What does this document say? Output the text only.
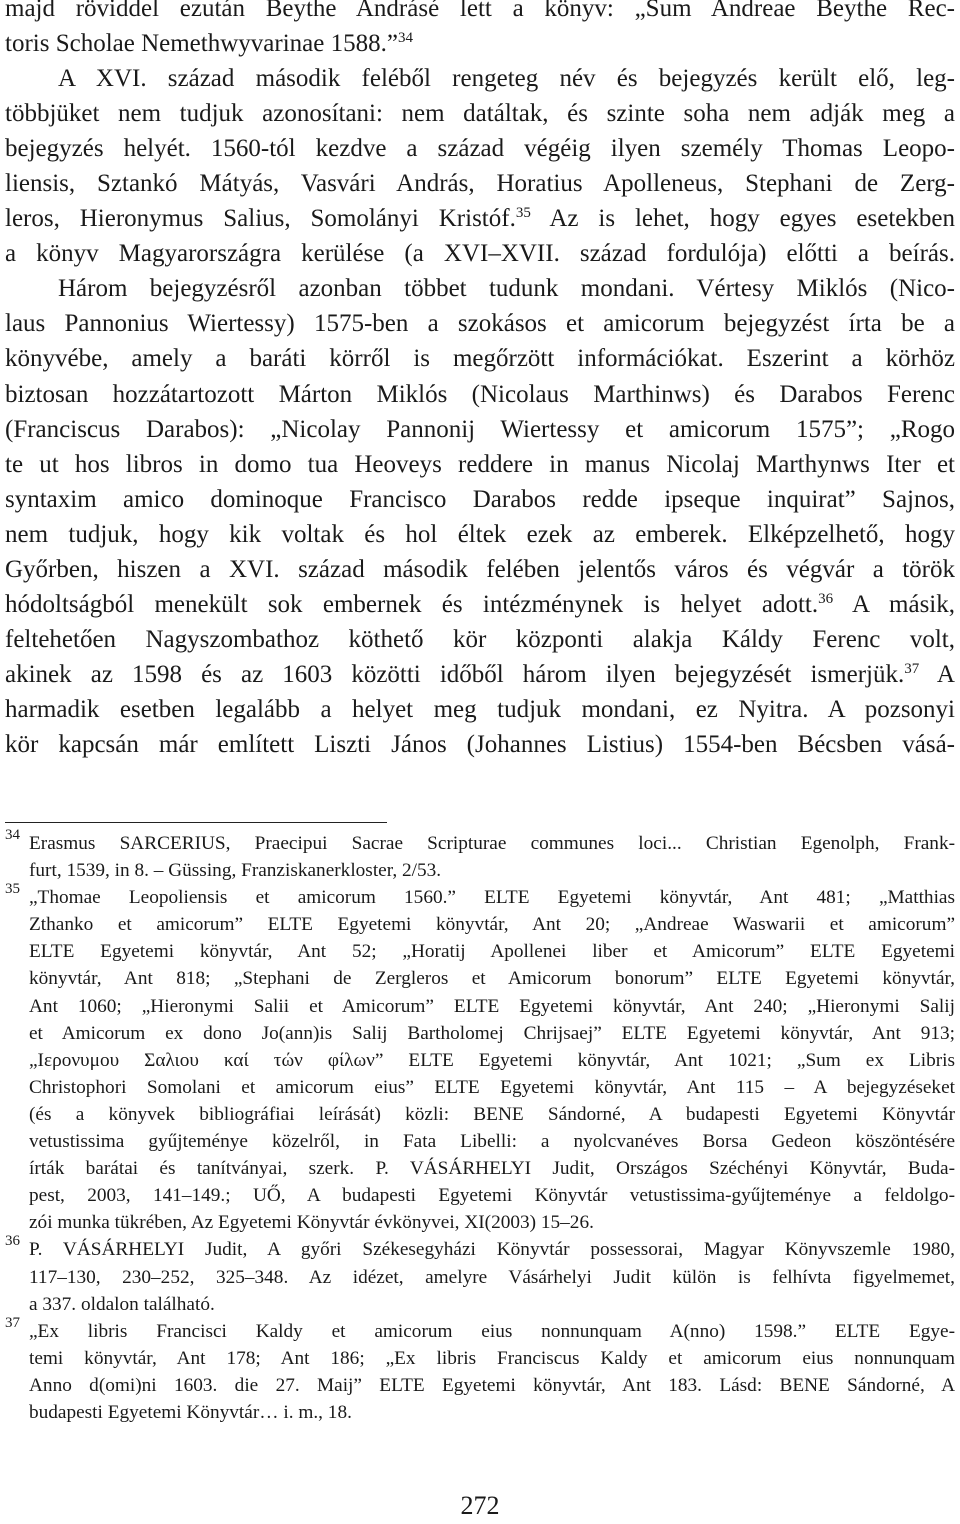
majd röviddel ezután Beythe Andrásé lett a könyv: „Sum Andreae Beythe Rec-
toris Scholae Nemethwyvarinae 1588.”$^{34}$
A XVI. század második feléből rengeteg név és bejegyzés került elő, leg-
többjüket nem tudjuk azonosítani: nem datáltak, és szinte soha nem adják meg a
bejegyzés helyét. 1560-tól kezdve a század végéig ilyen személy Thomas Leopo-
liensis, Sztankó Mátyás, Vasvári András, Horatius Apolleneus, Stephani de Zerg-
leros, Hieronymus Salius, Somolányi Kristóf.$^{35}$ Az is lehet, hogy egyes esetekben
a könyv Magyarországra kerülése (a XVI–XVII. század fordulója) előtti a beírás.
Három bejegyzésről azonban többet tudunk mondani. Vértesy Miklós (Nico-
laus Pannonius Wiertessy) 1575-ben a szokásos et amicorum bejegyzést írta be a
könyvébe, amely a baráti körről is megőrzött információkat. Eszerint a körhöz
biztosan hozzátartozott Márton Miklós (Nicolaus Marthinws) és Darabos Ferenc
(Franciscus Darabos): „Nicolay Pannonij Wiertessy et amicorum 1575”; „Rogo
te ut hos libros in domo tua Heoveys reddere in manus Nicolaj Marthynws Iter et
syntaxim amico dominoque Francisco Darabos redde ipseque inquirat” Sajnos,
nem tudjuk, hogy kik voltak és hol éltek ezek az emberek. Elképzelhető, hogy
Győrben, hiszen a XVI. század második felében jelentős város és végvár a török
hódoltságból menekült sok embernek és intézménynek is helyet adott.$^{36}$ A másik,
feltehetően Nagyszombathoz köthető kör központi alakja Káldy Ferenc volt,
akinek az 1598 és az 1603 közötti időből három ilyen bejegyzését ismerjük.$^{37}$ A
harmadik esetben legalább a helyet meg tudjuk mondani, ez Nyitra. A pozsonyi
kör kapcsán már említett Liszti János (Johannes Listius) 1554-ben Bécsben vásá-
34 Erasmus SARCERIUS, Praecipui Sacrae Scripturae communes loci... Christian Egenolph, Frank-
furt, 1539, in 8. – Güssing, Franziskanerkloster, 2/53.
35 „Thomae Leopoliensis et amicorum 1560.” ELTE Egyetemi könyvtár, Ant 481; „Matthias
Zthanko et amicorum” ELTE Egyetemi könyvtár, Ant 20; „Andreae Waswarii et amicorum”
ELTE Egyetemi könyvtár, Ant 52; „Horatij Apollenei liber et Amicorum” ELTE Egyetemi
könyvtár, Ant 818; „Stephani de Zergleros et Amicorum bonorum” ELTE Egyetemi könyvtár,
Ant 1060; „Hieronymi Salii et Amicorum” ELTE Egyetemi könyvtár, Ant 240; „Hieronymi Salij
et Amicorum ex dono Jo(ann)is Salij Bartholomej Chrijsaej” ELTE Egyetemi könyvtár, Ant 913;
„Ιερονυμου Σαλιου καί τών φίλων” ELTE Egyetemi könyvtár, Ant 1021; „Sum ex Libris
Christophori Somolani et amicorum eius” ELTE Egyetemi könyvtár, Ant 115 – A bejegyzéseket
(és a könyvek bibliográfiai leírását) közli: BENE Sándorné, A budapesti Egyetemi Könyvtár
vetustissima gyűjteménye közelről, in Fata Libelli: a nyolcvanéves Borsa Gedeon köszöntésére
írták barátai és tanítványai, szerk. P. VÁSÁRHELYI Judit, Országos Széchényi Könyvtár, Buda-
pest, 2003, 141–149.; UŐ, A budapesti Egyetemi Könyvtár vetustissima-gyűjteménye a feldolgo-
zói munka tükrében, Az Egyetemi Könyvtár évkönyvei, XI(2003) 15–26.
36 P. VÁSÁRHELYI Judit, A győri Székesegyházi Könyvtár possessorai, Magyar Könyvszemle 1980,
117–130, 230–252, 325–348. Az idézet, amelyre Vásárhelyi Judit külön is felhívta figyelmemet,
a 337. oldalon található.
37 „Ex libris Francisci Kaldy et amicorum eius nonnunquam A(nno) 1598.” ELTE Egye-
temi könyvtár, Ant 178; Ant 186; „Ex libris Franciscus Kaldy et amicorum eius nonnunquam
Anno d(omi)ni 1603. die 27. Maij” ELTE Egyetemi könyvtár, Ant 183. Lásd: BENE Sándorné, A
budapesti Egyetemi Könyvtár… i. m., 18.
272
